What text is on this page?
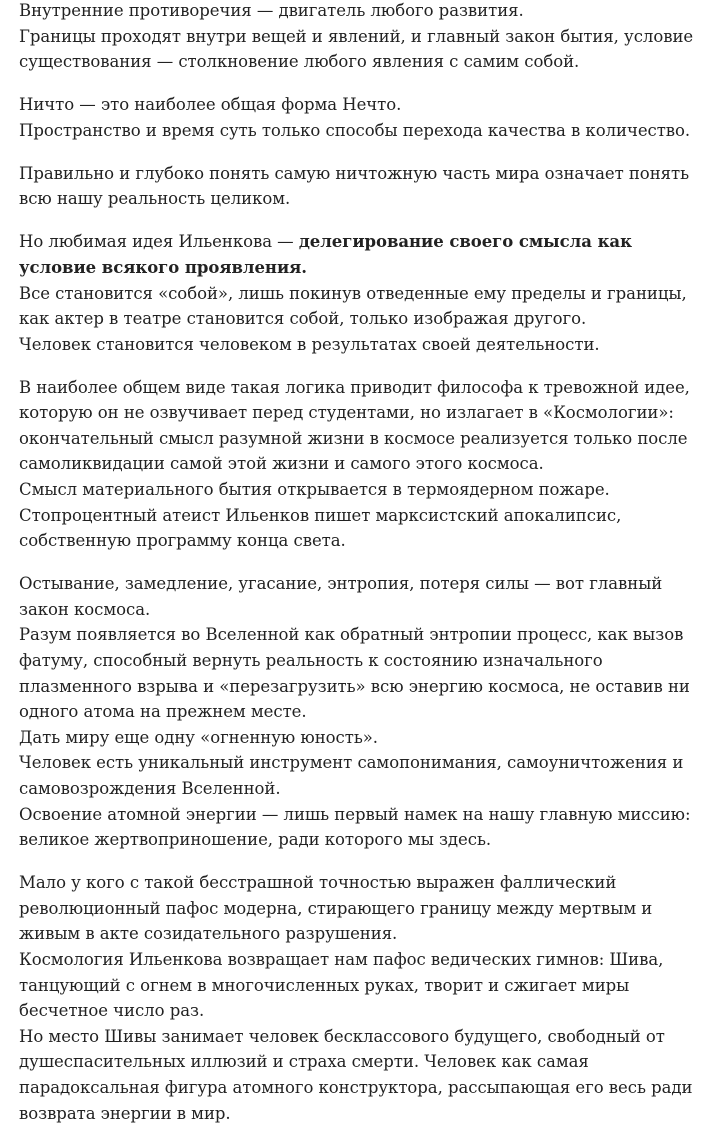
Внутренние противоречия — двигатель любого развития.
Границы проходят внутри вещей и явлений, и главный закон бытия, условие существования — столкновение любого явления с самим собой.

Ничто — это наиболее общая форма Нечто.
Пространство и время суть только способы перехода качества в количество.

Правильно и глубоко понять самую ничтожную часть мира означает понять всю нашу реальность целиком.

Но любимая идея Ильенкова — делегирование своего смысла как условие всякого проявления.
Все становится «собой», лишь покинув отведенные ему пределы и границы, как актер в театре становится собой, только изображая другого.
Человек становится человеком в результатах своей деятельности.

В наиболее общем виде такая логика приводит философа к тревожной идее, которую он не озвучивает перед студентами, но излагает в «Космологии»: окончательный смысл разумной жизни в космосе реализуется только после самоликвидации самой этой жизни и самого этого космоса.
Смысл материального бытия открывается в термоядерном пожаре.
Стопроцентный атеист Ильенков пишет марксистский апокалипсис, собственную программу конца света.

Остывание, замедление, угасание, энтропия, потеря силы — вот главный закон космоса.
Разум появляется во Вселенной как обратный энтропии процесс, как вызов фатуму, способный вернуть реальность к состоянию изначального плазменного взрыва и «перезагрузить» всю энергию космоса, не оставив ни одного атома на прежнем месте.
Дать миру еще одну «огненную юность».
Человек есть уникальный инструмент самопонимания, самоуничтожения и самовозрождения Вселенной.
Освоение атомной энергии — лишь первый намек на нашу главную миссию: великое жертвоприношение, ради которого мы здесь.

Мало у кого с такой бесстрашной точностью выражен фаллический революционный пафос модерна, стирающего границу между мертвым и живым в акте созидательного разрушения.
Космология Ильенкова возвращает нам пафос ведических гимнов: Шива, танцующий с огнем в многочисленных руках, творит и сжигает миры бесчетное число раз.
Но место Шивы занимает человек бесклассового будущего, свободный от душеспасительных иллюзий и страха смерти. Человек как самая парадоксальная фигура атомного конструктора, рассыпающая его весь ради возврата энергии в мир.
